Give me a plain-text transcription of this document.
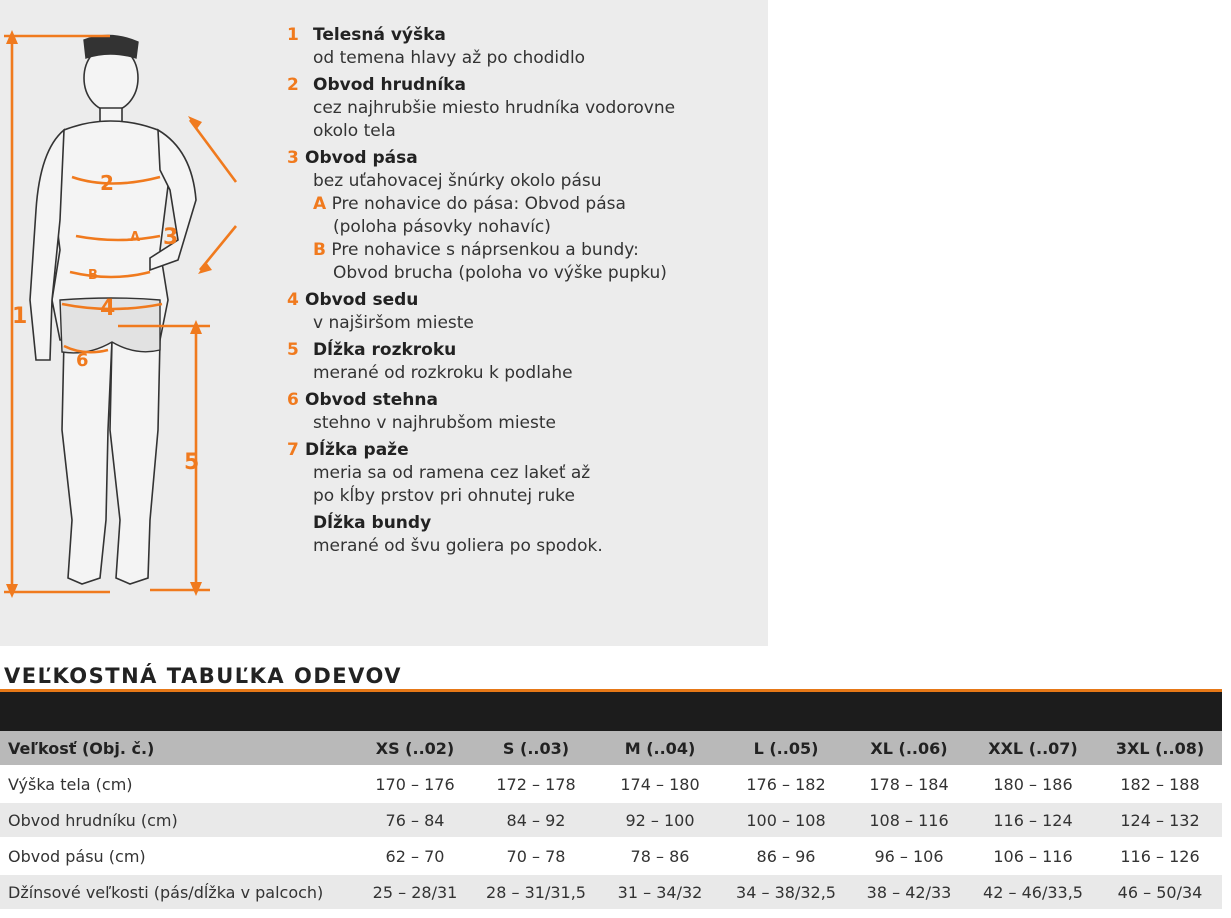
1
2
3
A
B
4
5
6
1 Telesná výška
od temena hlavy až po chodidlo
2 Obvod hrudníka
cez najhrubšie miesto hrudníka vodorovne
okolo tela
3 Obvod pása
bez uťahovacej šnúrky okolo pásu
A Pre nohavice do pása: Obvod pása
(poloha pásovky nohavíc)
B Pre nohavice s náprsenkou a bundy:
Obvod brucha (poloha vo výške pupku)
4 Obvod sedu
v najširšom mieste
5 Dĺžka rozkroku
merané od rozkroku k podlahe
6 Obvod stehna
stehno v najhrubšom mieste
7 Dĺžka paže
meria sa od ramena cez lakeť až
po kĺby prstov pri ohnutej ruke
Dĺžka bundy
merané od švu goliera po spodok.
VEĽKOSTNÁ TABUĽKA ODEVOV
Veľkosť (Obj. č.)	XS (..02)	S (..03)	M (..04)	L (..05)	XL (..06)	XXL (..07)	3XL (..08)
Výška tela (cm)	170 – 176	172 – 178	174 – 180	176 – 182	178 – 184	180 – 186	182 – 188
Obvod hrudníku (cm)	76 – 84	84 – 92	92 – 100	100 – 108	108 – 116	116 – 124	124 – 132
Obvod pásu (cm)	62 – 70	70 – 78	78 – 86	86 – 96	96 – 106	106 – 116	116 – 126
Džínsové veľkosti (pás/dĺžka v palcoch)	25 – 28/31	28 – 31/31,5	31 – 34/32	34 – 38/32,5	38 – 42/33	42 – 46/33,5	46 – 50/34
